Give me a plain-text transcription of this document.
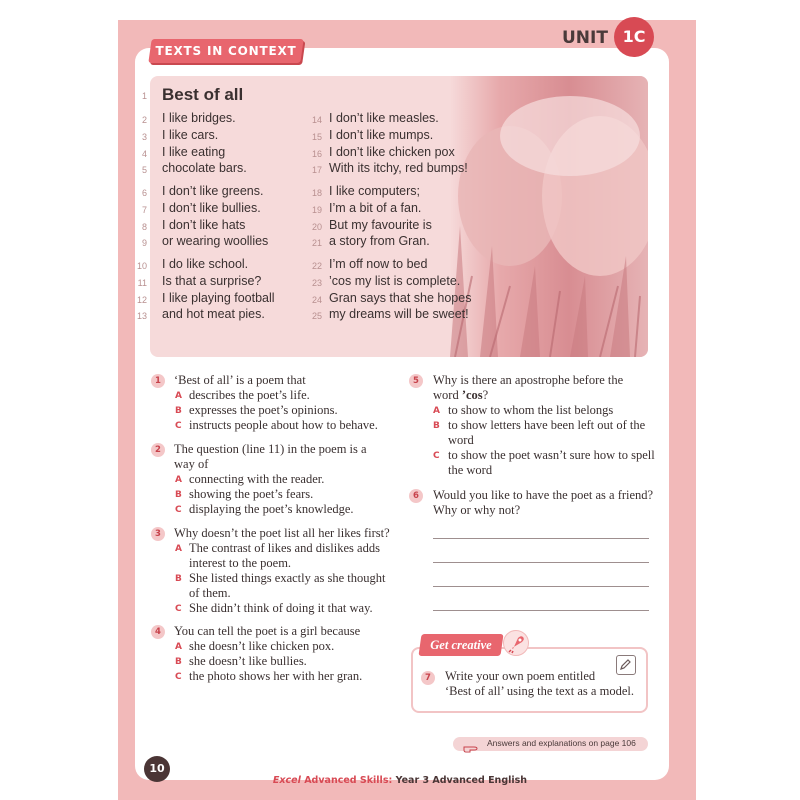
TEXTS IN CONTEXT
UNIT 1C
1 Best of all
2 I like bridges.
3 I like cars.
4 I like eating
5 chocolate bars.
6 I don’t like greens.
7 I don’t like bullies.
8 I don’t like hats
9 or wearing woollies
10 I do like school.
11 Is that a surprise?
12 I like playing football
13 and hot meat pies.
14 I don’t like measles.
15 I don’t like mumps.
16 I don’t like chicken pox
17 With its itchy, red bumps!
18 I like computers;
19 I’m a bit of a fan.
20 But my favourite is
21 a story from Gran.
22 I’m off now to bed
23 ’cos my list is complete.
24 Gran says that she hopes
25 my dreams will be sweet!
1	‘Best of all’ is a poem that
A describes the poet’s life.
B expresses the poet’s opinions.
C instructs people about how to behave.
2	The question (line 11) in the poem is a
way of
A connecting with the reader.
B showing the poet’s fears.
C displaying the poet’s knowledge.
3	Why doesn’t the poet list all her likes first?
A The contrast of likes and dislikes adds
interest to the poem.
B She listed things exactly as she thought
of them.
C She didn’t think of doing it that way.
4	You can tell the poet is a girl because
A she doesn’t like chicken pox.
B she doesn’t like bullies.
C the photo shows her with her gran.
5	Why is there an apostrophe before the
word ’cos?
A to show to whom the list belongs
B to show letters have been left out of the
word
C to show the poet wasn’t sure how to spell
the word
6	Would you like to have the poet as a friend?
Why or why not?
Get creative
7	Write your own poem entitled
‘Best of all’ using the text as a model.
Answers and explanations on page 106
10
Excel Advanced Skills: Year 3 Advanced English
